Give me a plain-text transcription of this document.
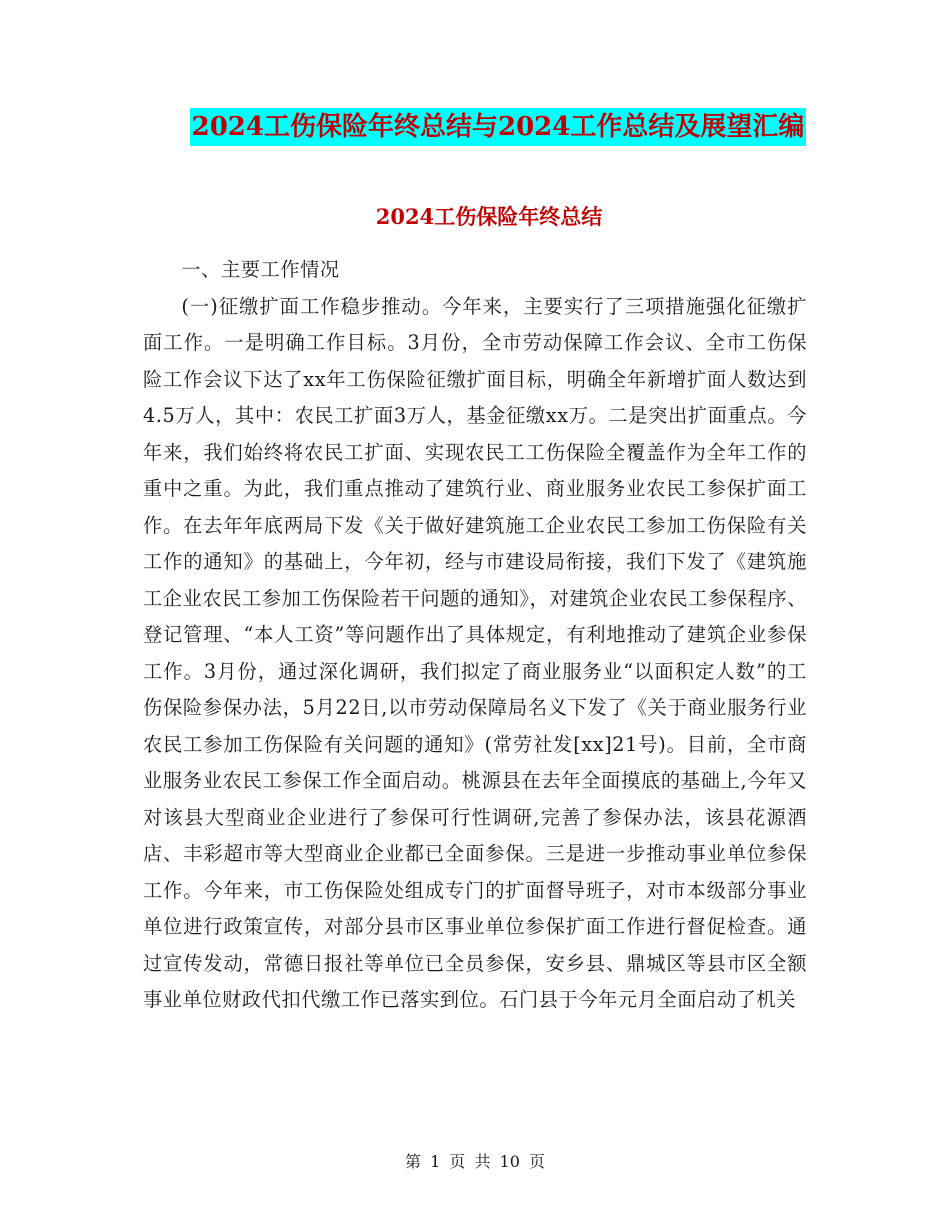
2024工伤保险年终总结与2024工作总结及展望汇编
2024工伤保险年终总结

一、主要工作情况

(一)征缴扩面工作稳步推动。今年来，主要实行了三项措施强化征缴扩面工作。一是明确工作目标。3月份，全市劳动保障工作会议、全市工伤保险工作会议下达了xx年工伤保险征缴扩面目标，明确全年新增扩面人数达到4.5万人，其中：农民工扩面3万人，基金征缴xx万。二是突出扩面重点。今年来，我们始终将农民工扩面、实现农民工工伤保险全覆盖作为全年工作的重中之重。为此，我们重点推动了建筑行业、商业服务业农民工参保扩面工作。在去年年底两局下发《关于做好建筑施工企业农民工参加工伤保险有关工作的通知》的基础上，今年初，经与市建设局衔接，我们下发了《建筑施工企业农民工参加工伤保险若干问题的通知》，对建筑企业农民工参保程序、登记管理、“本人工资”等问题作出了具体规定，有利地推动了建筑企业参保工作。3月份，通过深化调研，我们拟定了商业服务业“以面积定人数”的工伤保险参保办法，5月22日,以市劳动保障局名义下发了《关于商业服务行业农民工参加工伤保险有关问题的通知》(常劳社发[xx]21号)。目前，全市商业服务业农民工参保工作全面启动。桃源县在去年全面摸底的基础上,今年又对该县大型商业企业进行了参保可行性调研,完善了参保办法，该县花源酒店、丰彩超市等大型商业企业都已全面参保。三是进一步推动事业单位参保工作。今年来，市工伤保险处组成专门的扩面督导班子，对市本级部分事业单位进行政策宣传，对部分县市区事业单位参保扩面工作进行督促检查。通过宣传发动，常德日报社等单位已全员参保，安乡县、鼎城区等县市区全额事业单位财政代扣代缴工作已落实到位。石门县于今年元月全面启动了机关

第 1 页 共 10 页
